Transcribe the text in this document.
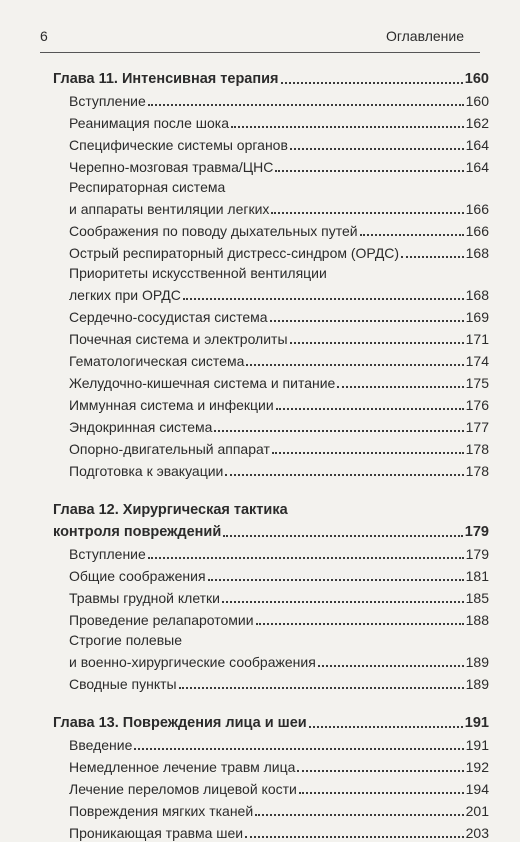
6	Оглавление
Глава 11. Интенсивная терапия	160
Вступление	160
Реанимация после шока	162
Специфические системы органов	164
Черепно-мозговая травма/ЦНС	164
Респираторная система
и аппараты вентиляции легких	166
Соображения по поводу дыхательных путей	166
Острый респираторный дистресс-синдром (ОРДС)	168
Приоритеты искусственной вентиляции
легких при ОРДС	168
Сердечно-сосудистая система	169
Почечная система и электролиты	171
Гематологическая система	174
Желудочно-кишечная система и питание	175
Иммунная система и инфекции	176
Эндокринная система	177
Опорно-двигательный аппарат	178
Подготовка к эвакуации	178
Глава 12. Хирургическая тактика
контроля повреждений	179
Вступление	179
Общие соображения	181
Травмы грудной клетки	185
Проведение релапаротомии	188
Строгие полевые
и военно-хирургические соображения	189
Сводные пункты	189
Глава 13. Повреждения лица и шеи	191
Введение	191
Немедленное лечение травм лица	192
Лечение переломов лицевой кости	194
Повреждения мягких тканей	201
Проникающая травма шеи	203
